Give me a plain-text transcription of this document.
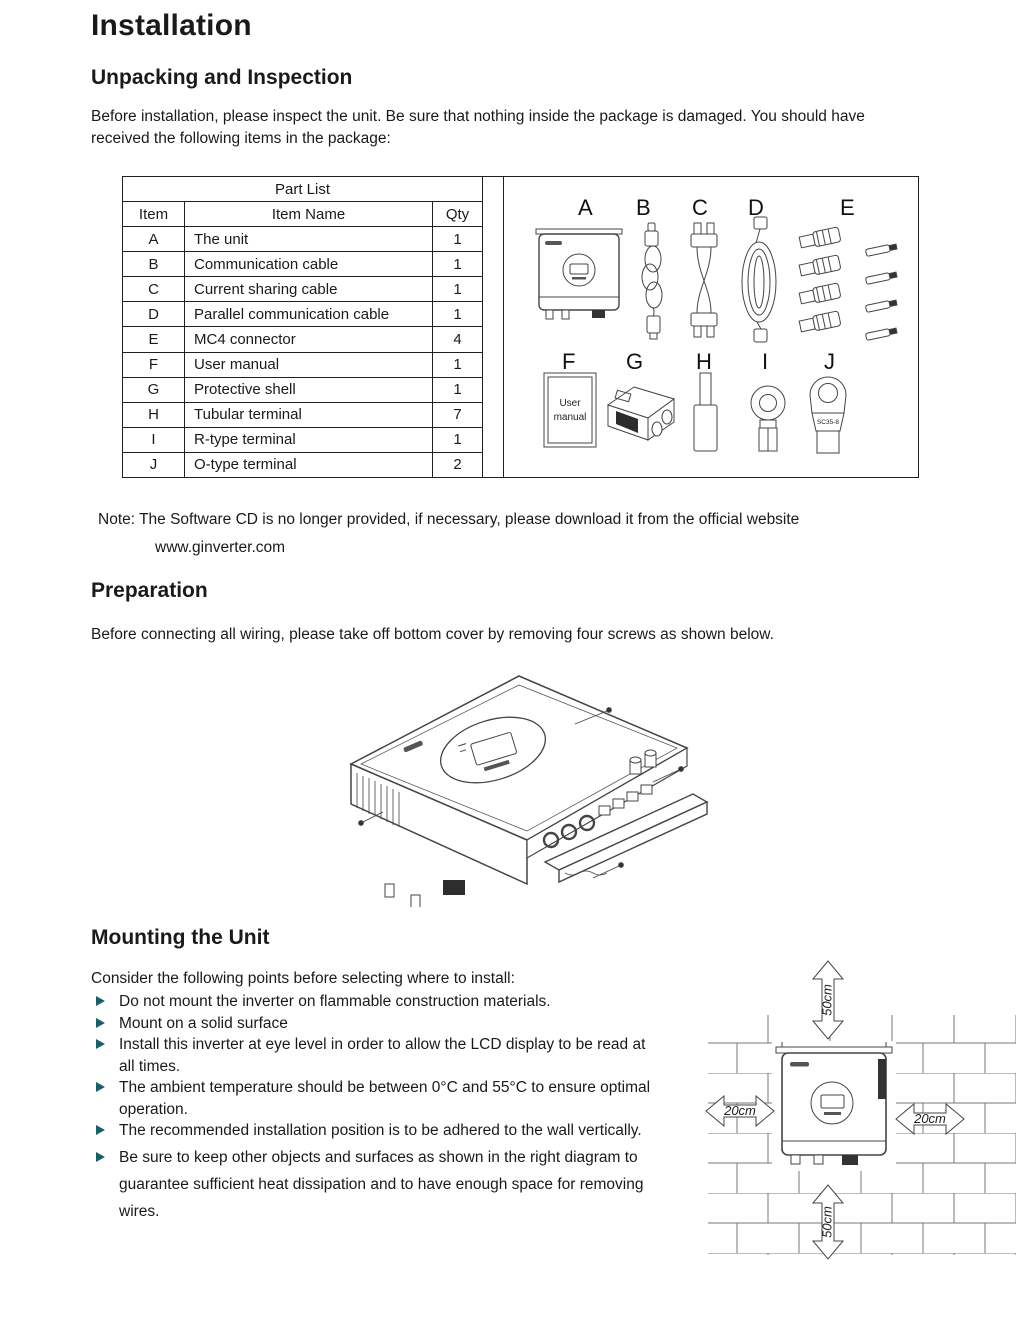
Installation
Unpacking and Inspection
Before installation, please inspect the unit. Be sure that nothing inside the package is damaged. You should have received the following items in the package:
Part List		
Item	Item Name	Qty
A	The unit	1
B	Communication cable	1
C	Current sharing cable	1
D	Parallel communication cable	1
E	MC4 connector	4
F	User manual	1
G	Protective shell	1
H	Tubular terminal	7
I	R-type terminal	1
J	O-type terminal	2
A B C D	E
F G H I	J
User
manual	SC35-8
Note: The Software CD is no longer provided, if necessary, please download it from the official website
www.ginverter.com
Preparation
Before connecting all wiring, please take off bottom cover by removing four screws as shown below.
Mounting the Unit
Consider the following points before selecting where to install:
Do not mount the inverter on flammable construction materials.
Mount on a solid surface
Install this inverter at eye level in order to allow the LCD display to be read at all times.
The ambient temperature should be between 0°C and 55°C to ensure optimal operation.
The recommended installation position is to be adhered to the wall vertically.
Be sure to keep other objects and surfaces as shown in the right diagram to guarantee sufficient heat dissipation and to have enough space for removing wires.
50cm
50cm
20cm
20cm
